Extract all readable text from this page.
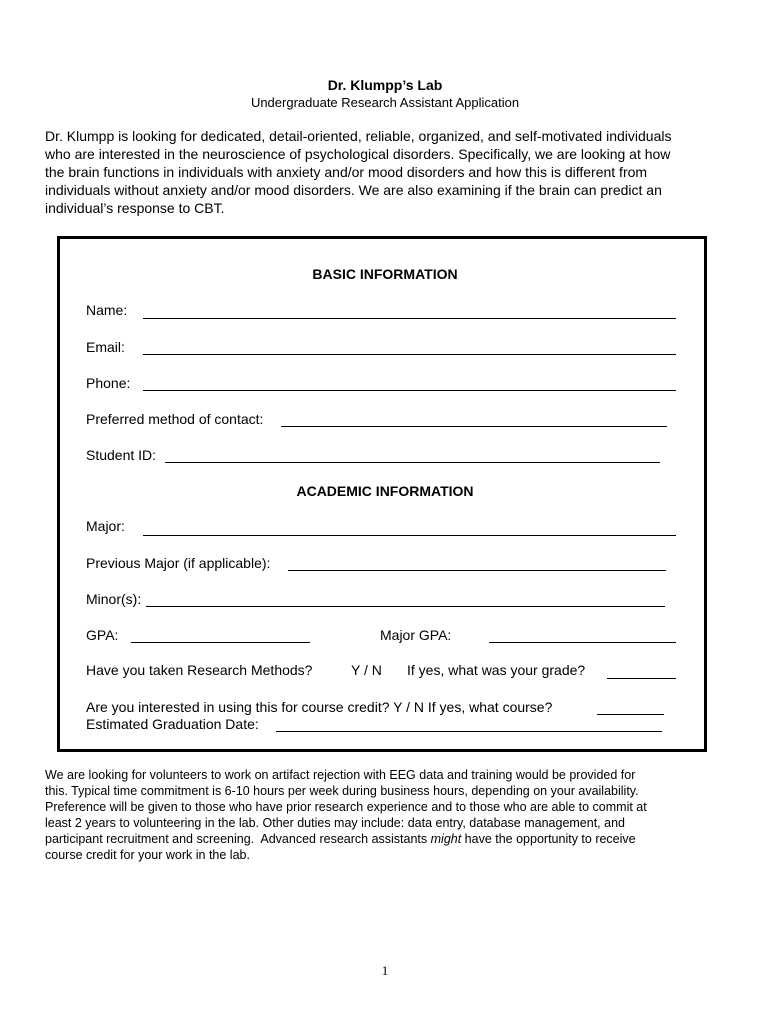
Dr. Klumpp’s Lab
Undergraduate Research Assistant Application
Dr. Klumpp is looking for dedicated, detail-oriented, reliable, organized, and self-motivated individuals
who are interested in the neuroscience of psychological disorders. Specifically, we are looking at how
the brain functions in individuals with anxiety and/or mood disorders and how this is different from
individuals without anxiety and/or mood disorders. We are also examining if the brain can predict an
individual’s response to CBT.
BASIC INFORMATION
Name:
Email:
Phone:
Preferred method of contact:
Student ID:
ACADEMIC INFORMATION
Major:
Previous Major (if applicable):
Minor(s):
GPA:	Major GPA:
Have you taken Research Methods?	Y / N If yes, what was your grade?
Are you interested in using this for course credit? Y / N If yes, what course?
Estimated Graduation Date:
We are looking for volunteers to work on artifact rejection with EEG data and training would be provided for
this. Typical time commitment is 6-10 hours per week during business hours, depending on your availability.
Preference will be given to those who have prior research experience and to those who are able to commit at
least 2 years to volunteering in the lab. Other duties may include: data entry, database management, and
participant recruitment and screening.  Advanced research assistants might have the opportunity to receive
course credit for your work in the lab.
1
